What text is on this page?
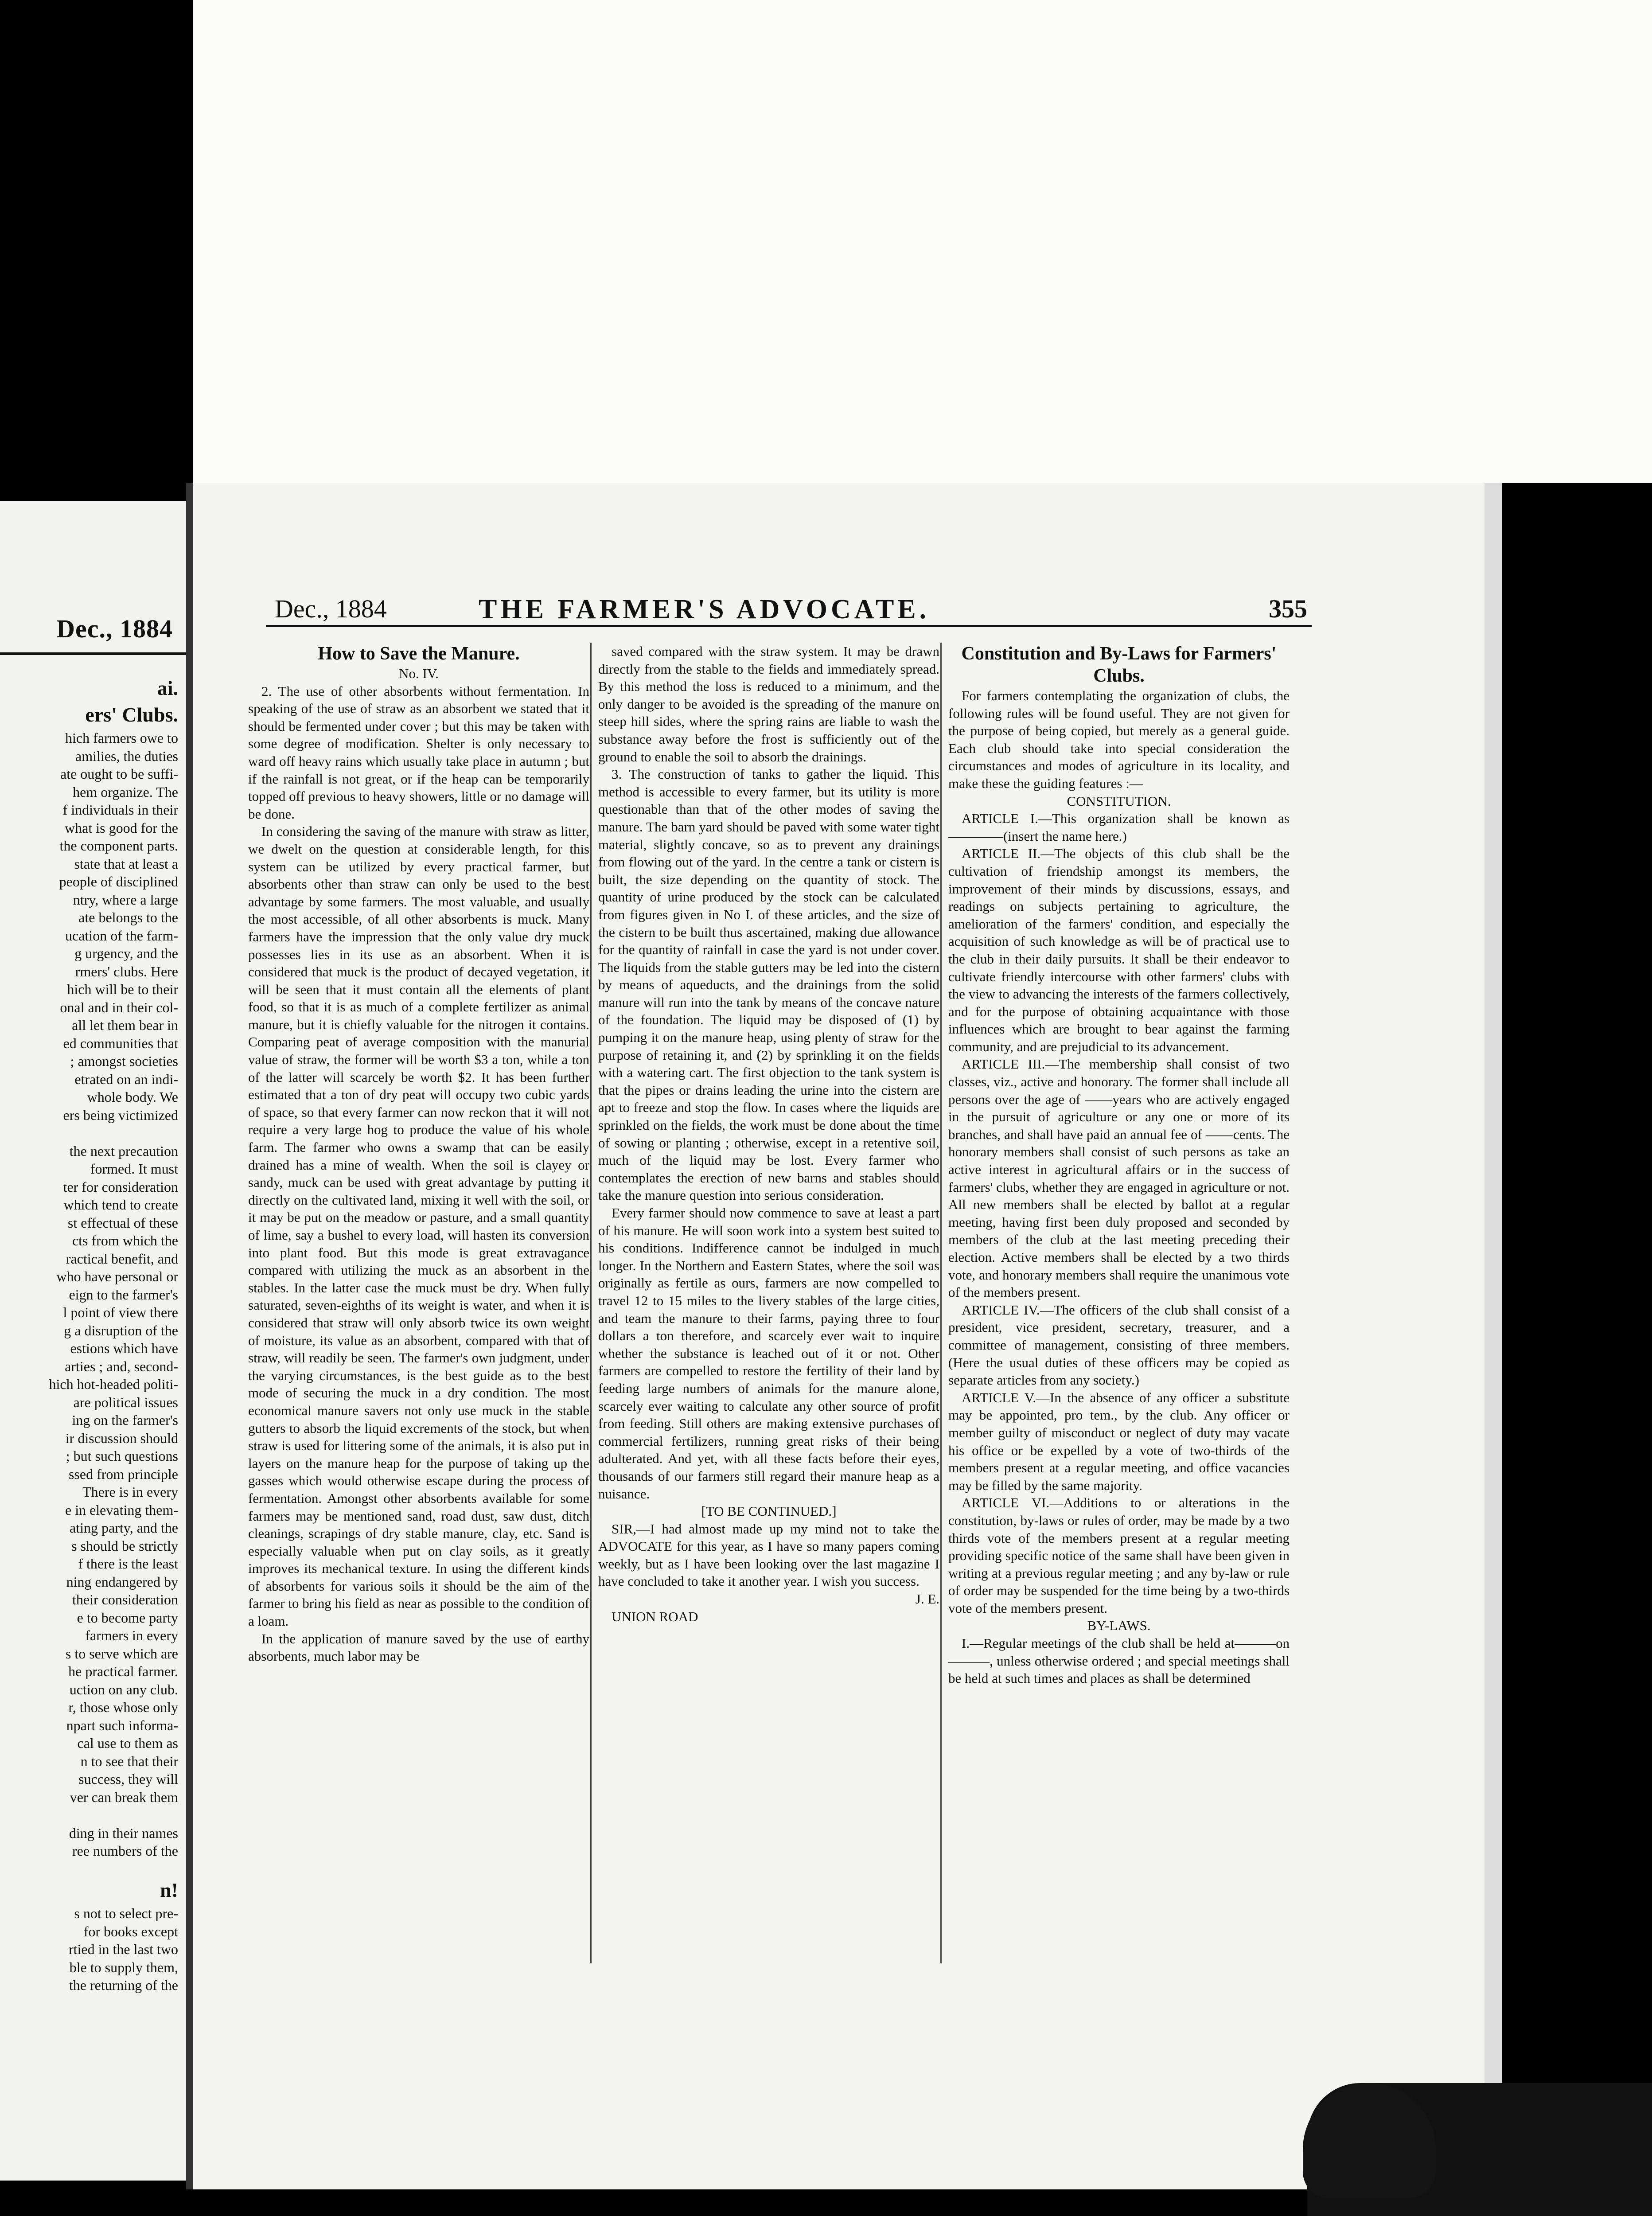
Dec., 1884
ai.
ers' Clubs.
hich farmers owe to
amilies, the duties
ate ought to be suffi-
hem organize. The
f individuals in their
what is good for the
the component parts.
state that at least a
people of disciplined
ntry, where a large
ate belongs to the
ucation of the farm-
g urgency, and the
rmers' clubs. Here
hich will be to their
onal and in their col-
all let them bear in
ed communities that
; amongst societies
etrated on an indi-
whole body. We
ers being victimized
the next precaution
formed. It must
ter for consideration
which tend to create
st effectual of these
cts from which the
ractical benefit, and
who have personal or
eign to the farmer's
l point of view there
g a disruption of the
estions which have
arties ; and, second-
hich hot-headed politi-
are political issues
ing on the farmer's
ir discussion should
; but such questions
ssed from principle
There is in every
e in elevating them-
ating party, and the
s should be strictly
f there is the least
ning endangered by
their consideration
e to become party
farmers in every
s to serve which are
he practical farmer.
uction on any club.
r, those whose only
npart such informa-
cal use to them as
n to see that their
success, they will
ver can break them
ding in their names
ree numbers of the
n!
s not to select pre-
for books except
rtied in the last two
ble to supply them,
the returning of the
Dec., 1884	THE FARMER'S ADVOCATE.	355

How to Save the Manure.

No. IV.

2. The use of other absorbents without fermentation. In speaking of the use of straw as an absorbent we stated that it should be fermented under cover ; but this may be taken with some degree of modification. Shelter is only necessary to ward off heavy rains which usually take place in autumn ; but if the rainfall is not great, or if the heap can be temporarily topped off previous to heavy showers, little or no damage will be done.

In considering the saving of the manure with straw as litter, we dwelt on the question at considerable length, for this system can be utilized by every practical farmer, but absorbents other than straw can only be used to the best advantage by some farmers. The most valuable, and usually the most accessible, of all other absorbents is muck. Many farmers have the impression that the only value dry muck possesses lies in its use as an absorbent. When it is considered that muck is the product of decayed vegetation, it will be seen that it must contain all the elements of plant food, so that it is as much of a complete fertilizer as animal manure, but it is chiefly valuable for the nitrogen it contains. Comparing peat of average composition with the manurial value of straw, the former will be worth $3 a ton, while a ton of the latter will scarcely be worth $2. It has been further estimated that a ton of dry peat will occupy two cubic yards of space, so that every farmer can now reckon that it will not require a very large hog to produce the value of his whole farm. The farmer who owns a swamp that can be easily drained has a mine of wealth. When the soil is clayey or sandy, muck can be used with great advantage by putting it directly on the cultivated land, mixing it well with the soil, or it may be put on the meadow or pasture, and a small quantity of lime, say a bushel to every load, will hasten its conversion into plant food. But this mode is great extravagance compared with utilizing the muck as an absorbent in the stables. In the latter case the muck must be dry. When fully saturated, seven-eighths of its weight is water, and when it is considered that straw will only absorb twice its own weight of moisture, its value as an absorbent, compared with that of straw, will readily be seen. The farmer's own judgment, under the varying circumstances, is the best guide as to the best mode of securing the muck in a dry condition. The most economical manure savers not only use muck in the stable gutters to absorb the liquid excrements of the stock, but when straw is used for littering some of the animals, it is also put in layers on the manure heap for the purpose of taking up the gasses which would otherwise escape during the process of fermentation. Amongst other absorbents available for some farmers may be mentioned sand, road dust, saw dust, ditch cleanings, scrapings of dry stable manure, clay, etc. Sand is especially valuable when put on clay soils, as it greatly improves its mechanical texture. In using the different kinds of absorbents for various soils it should be the aim of the farmer to bring his field as near as possible to the condition of a loam.

In the application of manure saved by the use of earthy absorbents, much labor may be

saved compared with the straw system. It may be drawn directly from the stable to the fields and immediately spread. By this method the loss is reduced to a minimum, and the only danger to be avoided is the spreading of the manure on steep hill sides, where the spring rains are liable to wash the substance away before the frost is sufficiently out of the ground to enable the soil to absorb the drainings.

3. The construction of tanks to gather the liquid. This method is accessible to every farmer, but its utility is more questionable than that of the other modes of saving the manure. The barn yard should be paved with some water tight material, slightly concave, so as to prevent any drainings from flowing out of the yard. In the centre a tank or cistern is built, the size depending on the quantity of stock. The quantity of urine produced by the stock can be calculated from figures given in No I. of these articles, and the size of the cistern to be built thus ascertained, making due allowance for the quantity of rainfall in case the yard is not under cover. The liquids from the stable gutters may be led into the cistern by means of aqueducts, and the drainings from the solid manure will run into the tank by means of the concave nature of the foundation. The liquid may be disposed of (1) by pumping it on the manure heap, using plenty of straw for the purpose of retaining it, and (2) by sprinkling it on the fields with a watering cart. The first objection to the tank system is that the pipes or drains leading the urine into the cistern are apt to freeze and stop the flow. In cases where the liquids are sprinkled on the fields, the work must be done about the time of sowing or planting ; otherwise, except in a retentive soil, much of the liquid may be lost. Every farmer who contemplates the erection of new barns and stables should take the manure question into serious consideration.

Every farmer should now commence to save at least a part of his manure. He will soon work into a system best suited to his conditions. Indifference cannot be indulged in much longer. In the Northern and Eastern States, where the soil was originally as fertile as ours, farmers are now compelled to travel 12 to 15 miles to the livery stables of the large cities, and team the manure to their farms, paying three to four dollars a ton therefore, and scarcely ever wait to inquire whether the substance is leached out of it or not. Other farmers are compelled to restore the fertility of their land by feeding large numbers of animals for the manure alone, scarcely ever waiting to calculate any other source of profit from feeding. Still others are making extensive purchases of commercial fertilizers, running great risks of their being adulterated. And yet, with all these facts before their eyes, thousands of our farmers still regard their manure heap as a nuisance.

[TO BE CONTINUED.]

SIR,—I had almost made up my mind not to take the ADVOCATE for this year, as I have so many papers coming weekly, but as I have been looking over the last magazine I have concluded to take it another year. I wish you success.

J. E.

UNION ROAD

Constitution and By-Laws for Farmers' Clubs.

For farmers contemplating the organization of clubs, the following rules will be found useful. They are not given for the purpose of being copied, but merely as a general guide. Each club should take into special consideration the circumstances and modes of agriculture in its locality, and make these the guiding features :—

CONSTITUTION.

ARTICLE I.—This organization shall be known as————(insert the name here.)

ARTICLE II.—The objects of this club shall be the cultivation of friendship amongst its members, the improvement of their minds by discussions, essays, and readings on subjects pertaining to agriculture, the amelioration of the farmers' condition, and especially the acquisition of such knowledge as will be of practical use to the club in their daily pursuits. It shall be their endeavor to cultivate friendly intercourse with other farmers' clubs with the view to advancing the interests of the farmers collectively, and for the purpose of obtaining acquaintance with those influences which are brought to bear against the farming community, and are prejudicial to its advancement.

ARTICLE III.—The membership shall consist of two classes, viz., active and honorary. The former shall include all persons over the age of ——years who are actively engaged in the pursuit of agriculture or any one or more of its branches, and shall have paid an annual fee of ——cents. The honorary members shall consist of such persons as take an active interest in agricultural affairs or in the success of farmers' clubs, whether they are engaged in agriculture or not. All new members shall be elected by ballot at a regular meeting, having first been duly proposed and seconded by members of the club at the last meeting preceding their election. Active members shall be elected by a two thirds vote, and honorary members shall require the unanimous vote of the members present.

ARTICLE IV.—The officers of the club shall consist of a president, vice president, secretary, treasurer, and a committee of management, consisting of three members. (Here the usual duties of these officers may be copied as separate articles from any society.)

ARTICLE V.—In the absence of any officer a substitute may be appointed, pro tem., by the club. Any officer or member guilty of misconduct or neglect of duty may vacate his office or be expelled by a vote of two-thirds of the members present at a regular meeting, and office vacancies may be filled by the same majority.

ARTICLE VI.—Additions to or alterations in the constitution, by-laws or rules of order, may be made by a two thirds vote of the members present at a regular meeting providing specific notice of the same shall have been given in writing at a previous regular meeting ; and any by-law or rule of order may be suspended for the time being by a two-thirds vote of the members present.

BY-LAWS.

I.—Regular meetings of the club shall be held at———on———, unless otherwise ordered ; and special meetings shall be held at such times and places as shall be determined
